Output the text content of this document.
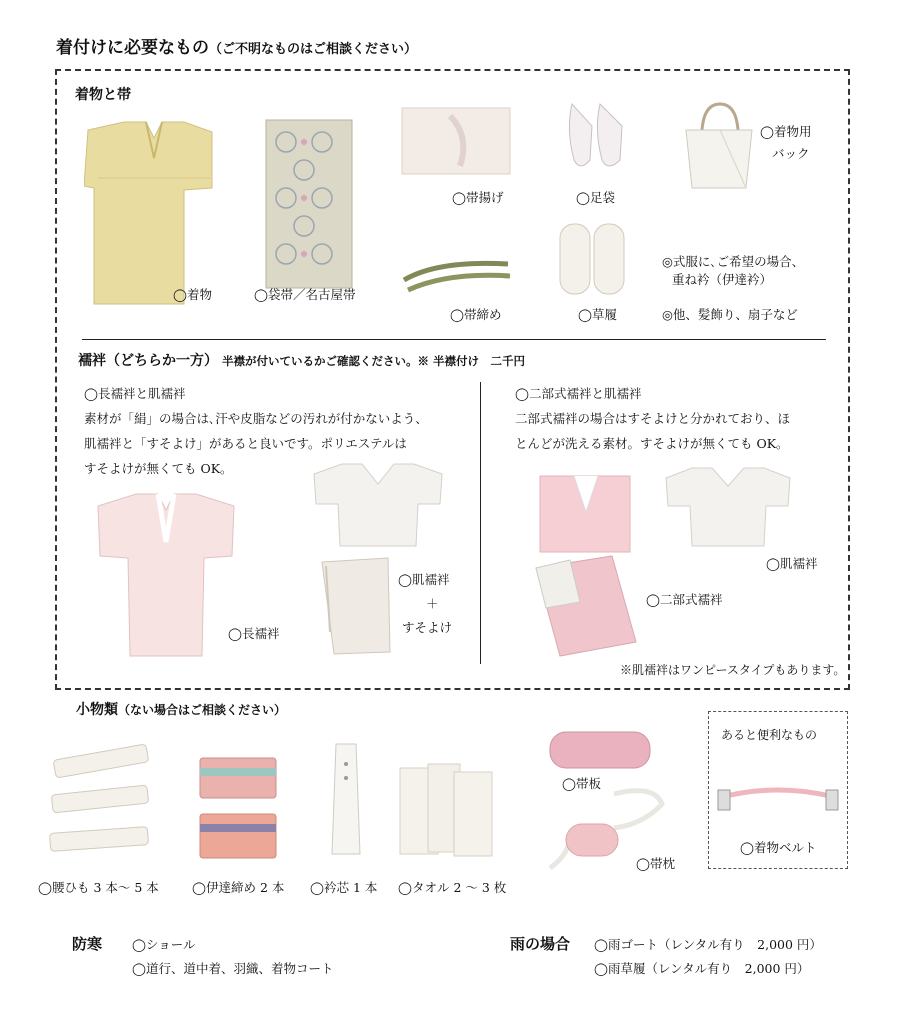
着付けに必要なもの（ご不明なものはご相談ください）
着物と帯
◯着物	◯袋帯／名古屋帯
◯帯揚げ	◯足袋
◯着物用
バック
◯帯締め	◯草履
◎式服に､ご希望の場合、
重ね衿（伊達衿）
◎他、髪飾り、扇子など
襦袢（どちらか一方） 半襟が付いているかご確認ください。※ 半襟付け　二千円
◯長襦袢と肌襦袢
素材が「絹」の場合は､汗や皮脂などの汚れが付かないよう、
肌襦袢と「すそよけ」があると良いです。ポリエステルは
すそよけが無くても OK。
◯長襦袢
◯肌襦袢
＋
すそよけ
◯二部式襦袢と肌襦袢
二部式襦袢の場合はすそよけと分かれており、ほ
とんどが洗える素材。すそよけが無くても OK。
◯肌襦袢
◯二部式襦袢
※肌襦袢はワンピースタイプもあります。
小物類（ない場合はご相談ください）
◯腰ひも 3 本～ 5 本	◯伊達締め 2 本 ◯衿芯 1 本 ◯タオル 2 ～ 3 枚
◯帯板
◯帯枕
あると便利なもの
◯着物ベルト
防寒 ◯ショール
◯道行、道中着、羽織、着物コート
雨の場合 ◯雨ゴート（レンタル有り　2,000 円）
◯雨草履（レンタル有り　2,000 円）
